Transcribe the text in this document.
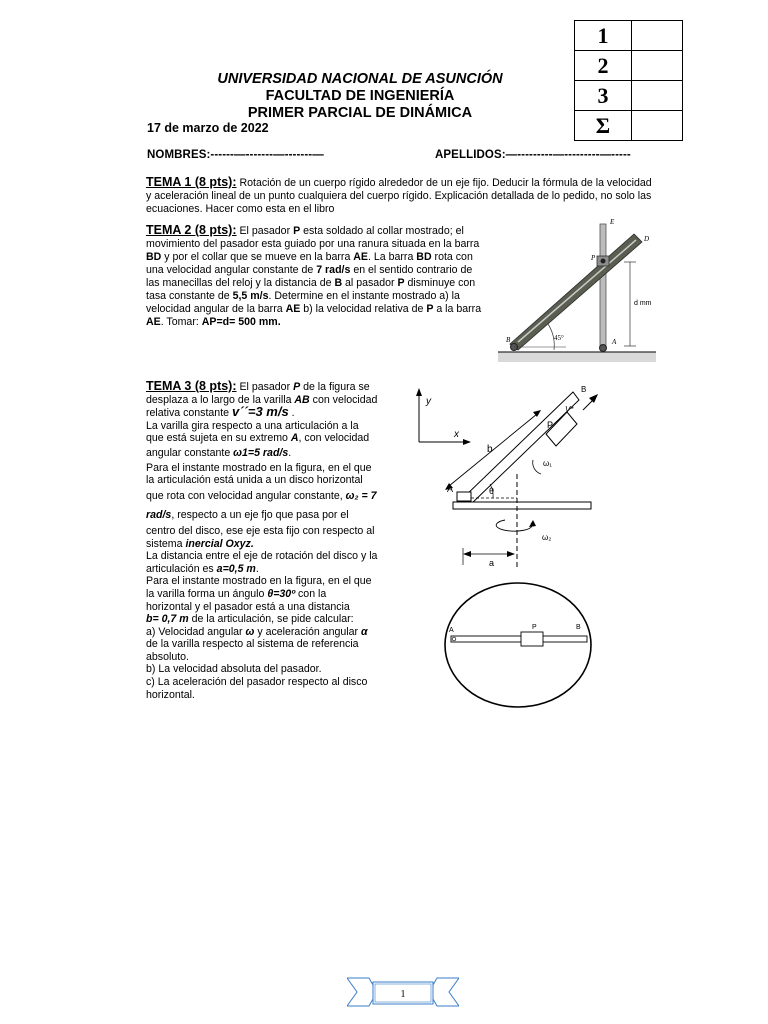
1	
2	
3	
Σ	
UNIVERSIDAD NACIONAL DE ASUNCIÓN
FACULTAD DE INGENIERÍA
PRIMER PARCIAL DE DINÁMICA
17 de marzo de 2022
NOMBRES:------—-------—-------—	APELLIDOS:—---------—---------—-----
TEMA 1 (8 pts): Rotación de un cuerpo rígido alrededor de un eje fijo. Deducir la fórmula de la velocidad y aceleración lineal de un punto cualquiera del cuerpo rígido. Explicación detallada de lo pedido, no solo las ecuaciones. Hacer como esta en el libro
TEMA 2 (8 pts): El pasador P esta soldado al collar mostrado; el movimiento del pasador esta guiado por una ranura situada en la barra BD y por el collar que se mueve en la barra AE. La barra BD rota con una velocidad angular constante de 7 rad/s en el sentido contrario de las manecillas del reloj y la distancia de B al pasador P disminuye con tasa constante de 5,5 m/s. Determine en el instante mostrado a) la velocidad angular de la barra AE b) la velocidad relativa de P a la barra AE. Tomar: AP=d= 500 mm.
E
D
P
B	A
45°
d mm
TEMA 3 (8 pts): El pasador P de la figura se
desplaza a lo largo de la varilla AB con velocidad
relativa constante v´´=3 m/s .
La varilla gira respecto a una articulación a la
que está sujeta en su extremo A, con velocidad
angular constante ω1=5 rad/s.
Para el instante mostrado en la figura, en el que
la articulación está unida a un disco horizontal
que rota con velocidad angular constante, ω₂ = 7
rad/s, respecto a un eje fjo que pasa por el
centro del disco, ese eje esta fijo con respecto al
sistema inercial Oxyz.
La distancia entre el eje de rotación del disco y la
articulación es a=0,5 m.
Para el instante mostrado en la figura, en el que
la varilla forma un ángulo θ=30º con la
horizontal y el pasador está a una distancia
b= 0,7 m de la articulación, se pide calcular:
a) Velocidad angular ω y aceleración angular α
de la varilla respecto al sistema de referencia
absoluto.
b) La velocidad absoluta del pasador.
c) La aceleración del pasador respecto al disco
horizontal.
y
x
V*
B
P
b
θ
ω₁
A
ω₂
a
A	P	B
1
